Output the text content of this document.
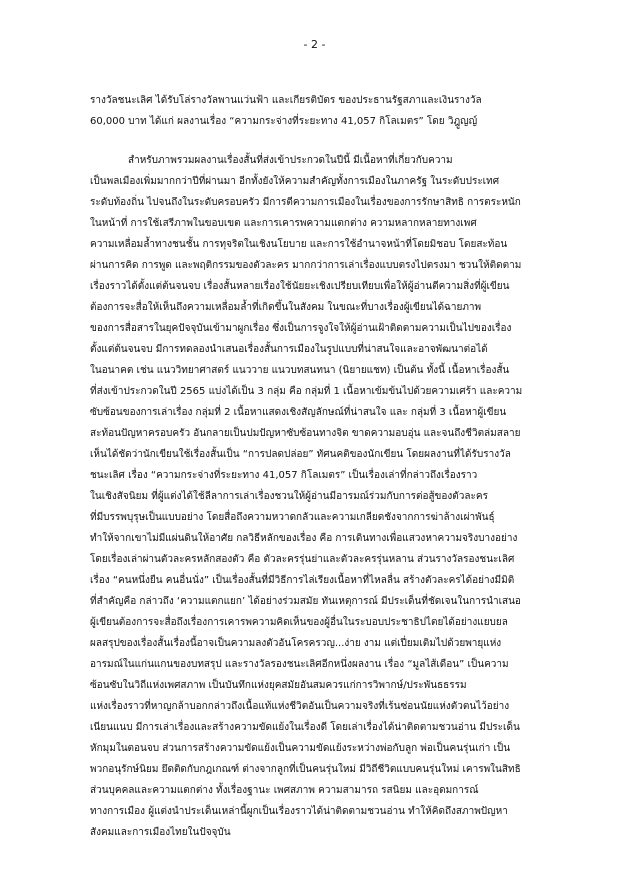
- 2 -
รางวัลชนะเลิศ ได้รับโล่รางวัลพานแว่นฟ้า และเกียรติบัตร ของประธานรัฐสภาและเงินรางวัล
60,000 บาท ได้แก่ ผลงานเรื่อง “ความกระจ่างที่ระยะทาง 41,057 กิโลเมตร” โดย วิฎูญญ์
สำหรับภาพรวมผลงานเรื่องสั้นที่ส่งเข้าประกวดในปีนี้ มีเนื้อหาที่เกี่ยวกับความ
เป็นพลเมืองเพิ่มมากกว่าปีที่ผ่านมา อีกทั้งยังให้ความสำคัญทั้งการเมืองในภาครัฐ ในระดับประเทศ
ระดับท้องถิ่น ไปจนถึงในระดับครอบครัว มีการตีความการเมืองในเรื่องของการรักษาสิทธิ การตระหนัก
ในหน้าที่ การใช้เสรีภาพในขอบเขต และการเคารพความแตกต่าง ความหลากหลายทางเพศ
ความเหลื่อมล้ำทางชนชั้น การทุจริตในเชิงนโยบาย และการใช้อำนาจหน้าที่โดยมิชอบ โดยสะท้อน
ผ่านการคิด การพูด และพฤติกรรมของตัวละคร มากกว่าการเล่าเรื่องแบบตรงไปตรงมา ชวนให้ติดตาม
เรื่องราวได้ตั้งแต่ต้นจนจบ เรื่องสั้นหลายเรื่องใช้นัยยะเชิงเปรียบเทียบเพื่อให้ผู้อ่านตีความสิ่งที่ผู้เขียน
ต้องการจะสื่อให้เห็นถึงความเหลื่อมล้ำที่เกิดขึ้นในสังคม ในขณะที่บางเรื่องผู้เขียนได้ฉายภาพ
ของการสื่อสารในยุคปัจจุบันเข้ามาผูกเรื่อง ซึ่งเป็นการจูงใจให้ผู้อ่านเฝ้าติดตามความเป็นไปของเรื่อง
ตั้งแต่ต้นจนจบ มีการทดลองนำเสนอเรื่องสั้นการเมืองในรูปแบบที่น่าสนใจและอาจพัฒนาต่อได้
ในอนาคต เช่น แนววิทยาศาสตร์ แนววาย แนวบทสนทนา (นิยายแชท) เป็นต้น ทั้งนี้ เนื้อหาเรื่องสั้น
ที่ส่งเข้าประกวดในปี 2565 แบ่งได้เป็น 3 กลุ่ม คือ กลุ่มที่ 1 เนื้อหาเข้มข้นไปด้วยความเศร้า และความ
ซับซ้อนของการเล่าเรื่อง กลุ่มที่ 2 เนื้อหาแสดงเชิงสัญลักษณ์ที่น่าสนใจ และ กลุ่มที่ 3 เนื้อหาผู้เขียน
สะท้อนปัญหาครอบครัว อันกลายเป็นปมปัญหาซับซ้อนทางจิต ขาดความอบอุ่น และจนถึงชีวิตล่มสลาย
เห็นได้ชัดว่านักเขียนใช้เรื่องสั้นเป็น “การปลดปล่อย” ทัศนคติของนักเขียน โดยผลงานที่ได้รับรางวัล
ชนะเลิศ เรื่อง “ความกระจ่างที่ระยะทาง 41,057 กิโลเมตร” เป็นเรื่องเล่าที่กล่าวถึงเรื่องราว
ในเชิงสัจนิยม ที่ผู้แต่งได้ใช้ลีลาการเล่าเรื่องชวนให้ผู้อ่านมีอารมณ์ร่วมกับการต่อสู้ของตัวละคร
ที่มีบรรพบุรุษเป็นแบบอย่าง โดยสื่อถึงความหวาดกลัวและความเกลียดชังจากการฆ่าล้างเผ่าพันธุ์
ทำให้จากเขาไม่มีแผ่นดินให้อาศัย กลวิธีหลักของเรื่อง คือ การเดินทางเพื่อแสวงหาความจริงบางอย่าง
โดยเรื่องเล่าผ่านตัวละครหลักสองตัว คือ ตัวละครรุ่นย่าและตัวละครรุ่นหลาน ส่วนรางวัลรองชนะเลิศ
เรื่อง “คนหนึ่งยืน คนอื่นนั่ง” เป็นเรื่องสั้นที่มีวิธีการไล่เรียงเนื้อหาที่ไหลลื่น สร้างตัวละครได้อย่างมีมิติ
ที่สำคัญคือ กล่าวถึง ‘ความแตกแยก’ ได้อย่างร่วมสมัย ทันเหตุการณ์ มีประเด็นที่ชัดเจนในการนำเสนอ
ผู้เขียนต้องการจะสื่อถึงเรื่องการเคารพความคิดเห็นของผู้อื่นในระบอบประชาธิปไตยได้อย่างแยบยล
ผลสรุปของเรื่องสั้นเรื่องนี้อาจเป็นความลงตัวอันโครครวญ...ง่าย งาม แต่เปี่ยมเติมไปด้วยพายุแห่ง
อารมณ์ในแก่นแกนของบทสรุป และรางวัลรองชนะเลิศอีกหนึ่งผลงาน เรื่อง “มูลไส้เดือน” เป็นความ
ซ้อนซับในวิถีแห่งเพศสภาพ เป็นบันทึกแห่งยุคสมัยอันสมควรแก่การวิพากษ์/ประพันธธรรม
แห่งเรื่องราวที่หาญกล้าบอกกล่าวถึงเนื้อแท้แห่งชีวิตอันเป็นความจริงที่เร้นซ่อนนัยแห่งตัวตนไว้อย่าง
เนียนแนบ มีการเล่าเรื่องและสร้างความขัดแย้งในเรื่องดี โดยเล่าเรื่องได้น่าติดตามชวนอ่าน มีประเด็น
หักมุมในตอนจบ ส่วนการสร้างความขัดแย้งเป็นความขัดแย้งระหว่างพ่อกับลูก พ่อเป็นคนรุ่นเก่า เป็น
พวกอนุรักษ์นิยม ยึดติดกับกฎเกณฑ์ ต่างจากลูกที่เป็นคนรุ่นใหม่ มีวิถีชีวิตแบบคนรุ่นใหม่ เคารพในสิทธิ
ส่วนบุคคลและความแตกต่าง ทั้งเรื่องฐานะ เพศสภาพ ความสามารถ รสนิยม และอุดมการณ์
ทางการเมือง ผู้แต่งนำประเด็นเหล่านี้ผูกเป็นเรื่องราวได้น่าติดตามชวนอ่าน ทำให้คิดถึงสภาพปัญหา
สังคมและการเมืองไทยในปัจจุบัน
